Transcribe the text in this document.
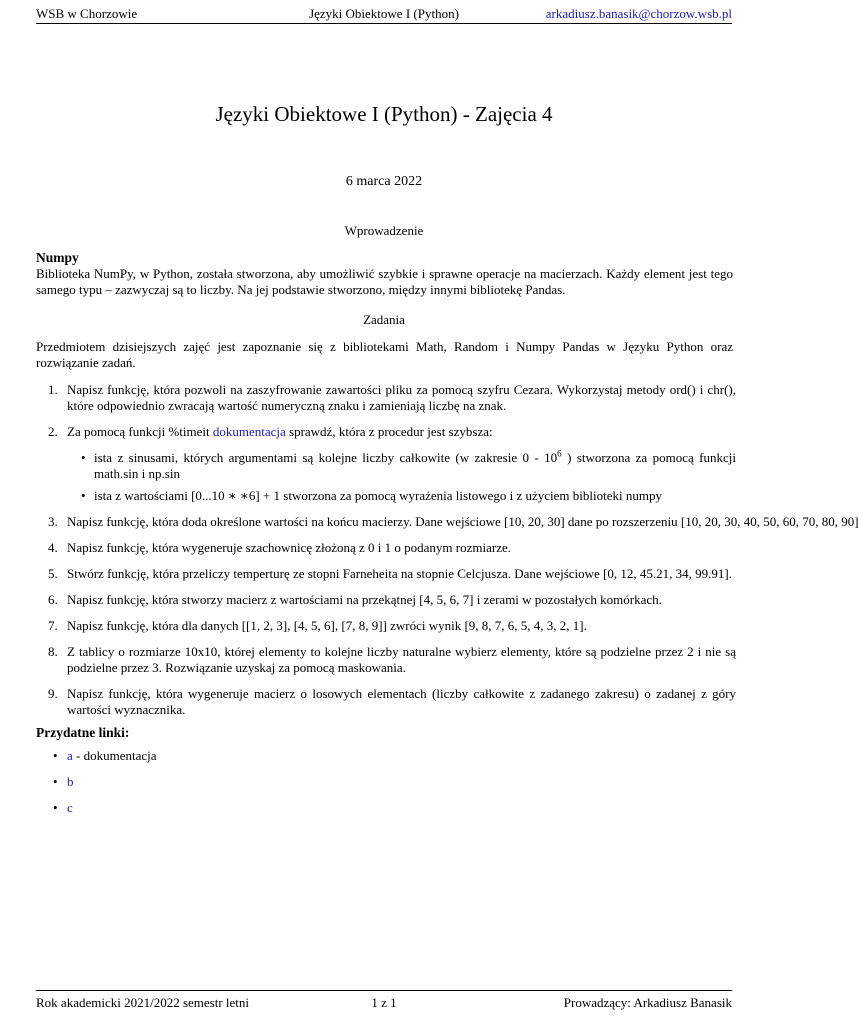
WSB w Chorzowie	Języki Obiektowe I (Python)	arkadiusz.banasik@chorzow.wsb.pl
Języki Obiektowe I (Python) - Zajęcia 4
6 marca 2022
Wprowadzenie
Numpy
Biblioteka NumPy, w Python, została stworzona, aby umożliwić szybkie i sprawne operacje na macierzach. Każdy element jest tego samego typu – zazwyczaj są to liczby. Na jej podstawie stworzono, między innymi bibliotekę Pandas.
Zadania
Przedmiotem dzisiejszych zajęć jest zapoznanie się z bibliotekami Math, Random i Numpy Pandas w Języku Python oraz rozwiązanie zadań.
1. Napisz funkcję, która pozwoli na zaszyfrowanie zawartości pliku za pomocą szyfru Cezara. Wykorzystaj metody ord() i chr(), które odpowiednio zwracają wartość numeryczną znaku i zamieniają liczbę na znak.
2. Za pomocą funkcji %timeit dokumentacja sprawdź, która z procedur jest szybsza:
• ista z sinusami, których argumentami są kolejne liczby całkowite (w zakresie $0 - 10^6$ ) stworzona za pomocą funkcji math.sin i np.sin
• ista z wartościami [0...10 ∗ ∗6] + 1 stworzona za pomocą wyrażenia listowego i z użyciem biblioteki numpy
3. Napisz funkcję, która doda określone wartości na końcu macierzy. Dane wejściowe [10, 20, 30] dane po rozszerzeniu [10, 20, 30, 40, 50, 60, 70, 80, 90]
4. Napisz funkcję, która wygeneruje szachownicę złożoną z 0 i 1 o podanym rozmiarze.
5. Stwórz funkcję, która przeliczy temperturę ze stopni Farneheita na stopnie Celcjusza. Dane wejściowe [0, 12, 45.21, 34, 99.91].
6. Napisz funkcję, która stworzy macierz z wartościami na przekątnej [4, 5, 6, 7] i zerami w pozostałych komórkach.
7. Napisz funkcję, która dla danych [[1, 2, 3], [4, 5, 6], [7, 8, 9]] zwróci wynik [9, 8, 7, 6, 5, 4, 3, 2, 1].
8. Z tablicy o rozmiarze 10x10, której elementy to kolejne liczby naturalne wybierz elementy, które są podzielne przez 2 i nie są podzielne przez 3. Rozwiązanie uzyskaj za pomocą maskowania.
9. Napisz funkcję, która wygeneruje macierz o losowych elementach (liczby całkowite z zadanego zakresu) o zadanej z góry wartości wyznacznika.
Przydatne linki:
• a - dokumentacja
• b
• c
Rok akademicki 2021/2022 semestr letni	1 z 1	Prowadzący: Arkadiusz Banasik
